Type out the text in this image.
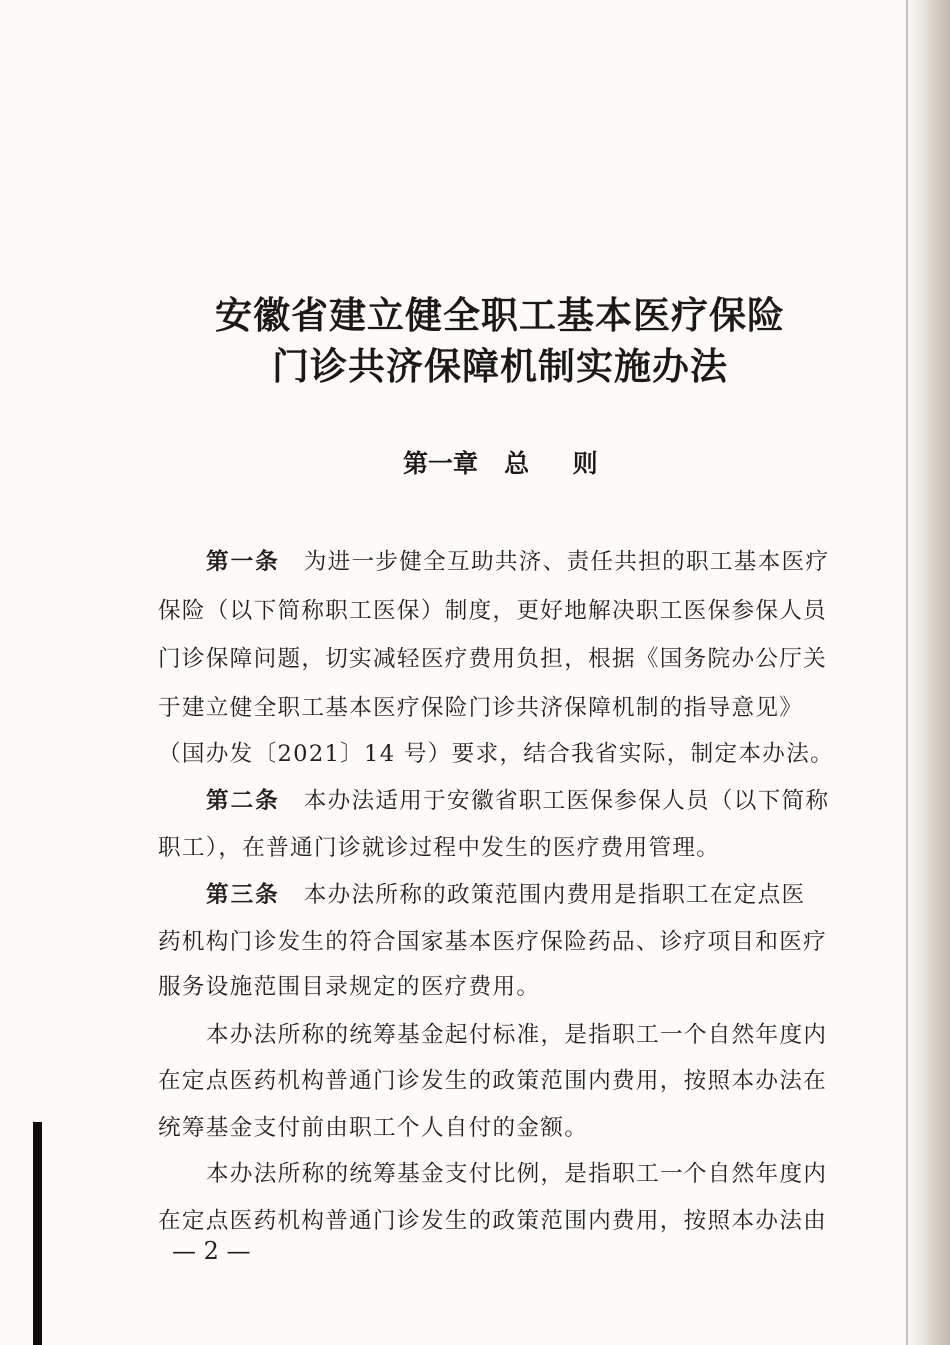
安徽省建立健全职工基本医疗保险
门诊共济保障机制实施办法
第一章   总     则
第一条　 为进一步健全互助共济、责任共担的职工基本医疗
保险（以下简称职工医保）制度，更好地解决职工医保参保人员
门诊保障问题，切实减轻医疗费用负担，根据《国务院办公厅关
于建立健全职工基本医疗保险门诊共济保障机制的指导意见》
（国办发〔2021〕14 号）要求，结合我省实际，制定本办法。
第二条　 本办法适用于安徽省职工医保参保人员（以下简称
职工），在普通门诊就诊过程中发生的医疗费用管理。
第三条　 本办法所称的政策范围内费用是指职工在定点医
药机构门诊发生的符合国家基本医疗保险药品、诊疗项目和医疗
服务设施范围目录规定的医疗费用。
本办法所称的统筹基金起付标准，是指职工一个自然年度内
在定点医药机构普通门诊发生的政策范围内费用，按照本办法在
统筹基金支付前由职工个人自付的金额。
本办法所称的统筹基金支付比例，是指职工一个自然年度内
在定点医药机构普通门诊发生的政策范围内费用，按照本办法由
— 2 —
